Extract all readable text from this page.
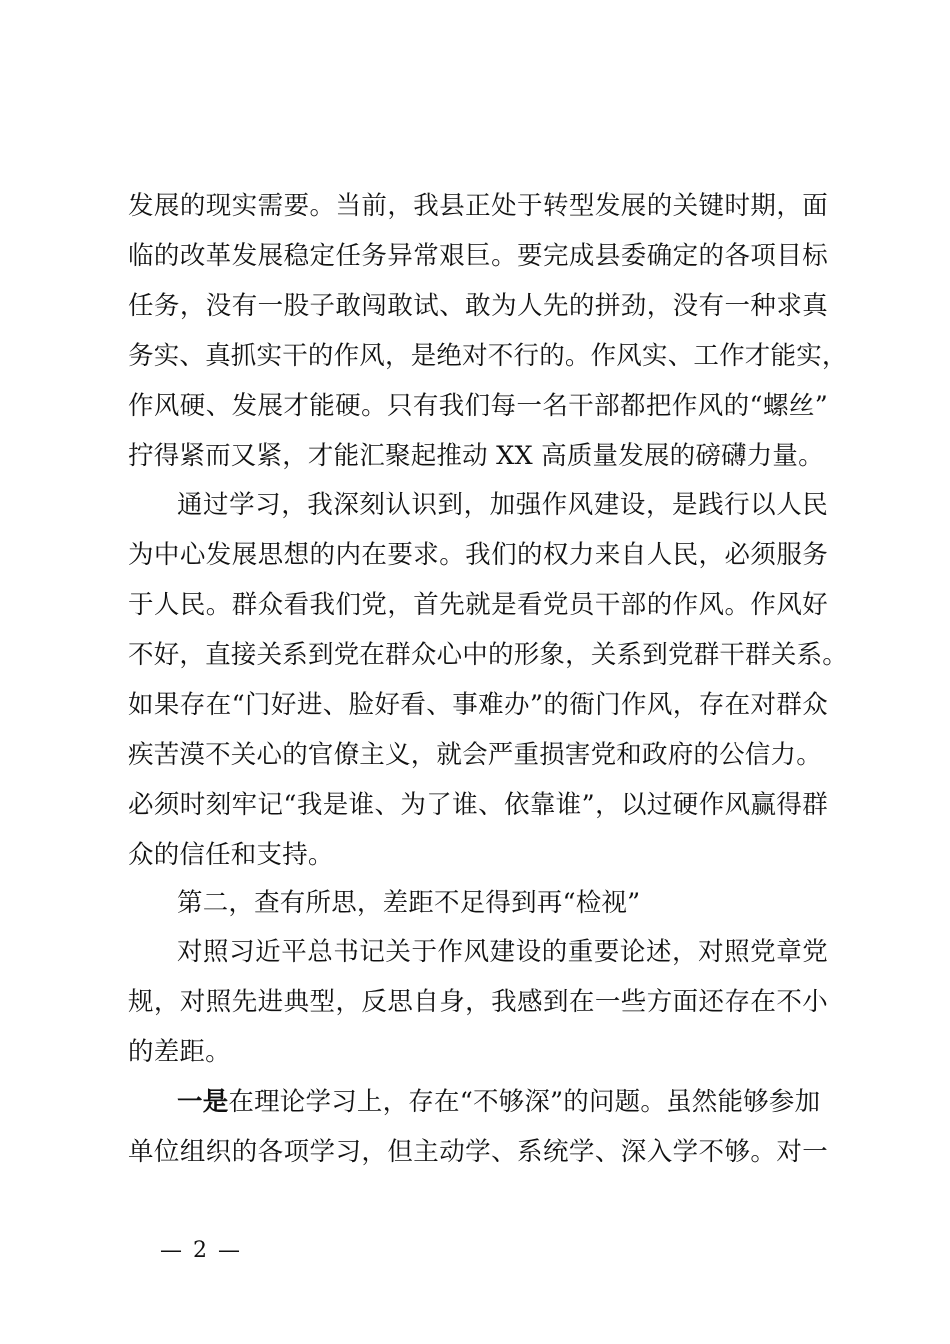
发展的现实需要。当前，我县正处于转型发展的关键时期，面
临的改革发展稳定任务异常艰巨。要完成县委确定的各项目标
任务，没有一股子敢闯敢试、敢为人先的拼劲，没有一种求真
务实、真抓实干的作风，是绝对不行的。作风实、工作才能实，
作风硬、发展才能硬。只有我们每一名干部都把作风的“螺丝”
拧得紧而又紧，才能汇聚起推动 XX 高质量发展的磅礴力量。
通过学习，我深刻认识到，加强作风建设，是践行以人民
为中心发展思想的内在要求。我们的权力来自人民，必须服务
于人民。群众看我们党，首先就是看党员干部的作风。作风好
不好，直接关系到党在群众心中的形象，关系到党群干群关系。
如果存在“门好进、脸好看、事难办”的衙门作风，存在对群众
疾苦漠不关心的官僚主义，就会严重损害党和政府的公信力。
必须时刻牢记“我是谁、为了谁、依靠谁”，以过硬作风赢得群
众的信任和支持。
第二，查有所思，差距不足得到再“检视”
对照习近平总书记关于作风建设的重要论述，对照党章党
规，对照先进典型，反思自身，我感到在一些方面还存在不小
的差距。
一是在理论学习上，存在“不够深”的问题。虽然能够参加
单位组织的各项学习，但主动学、系统学、深入学不够。对一
— 2 —
